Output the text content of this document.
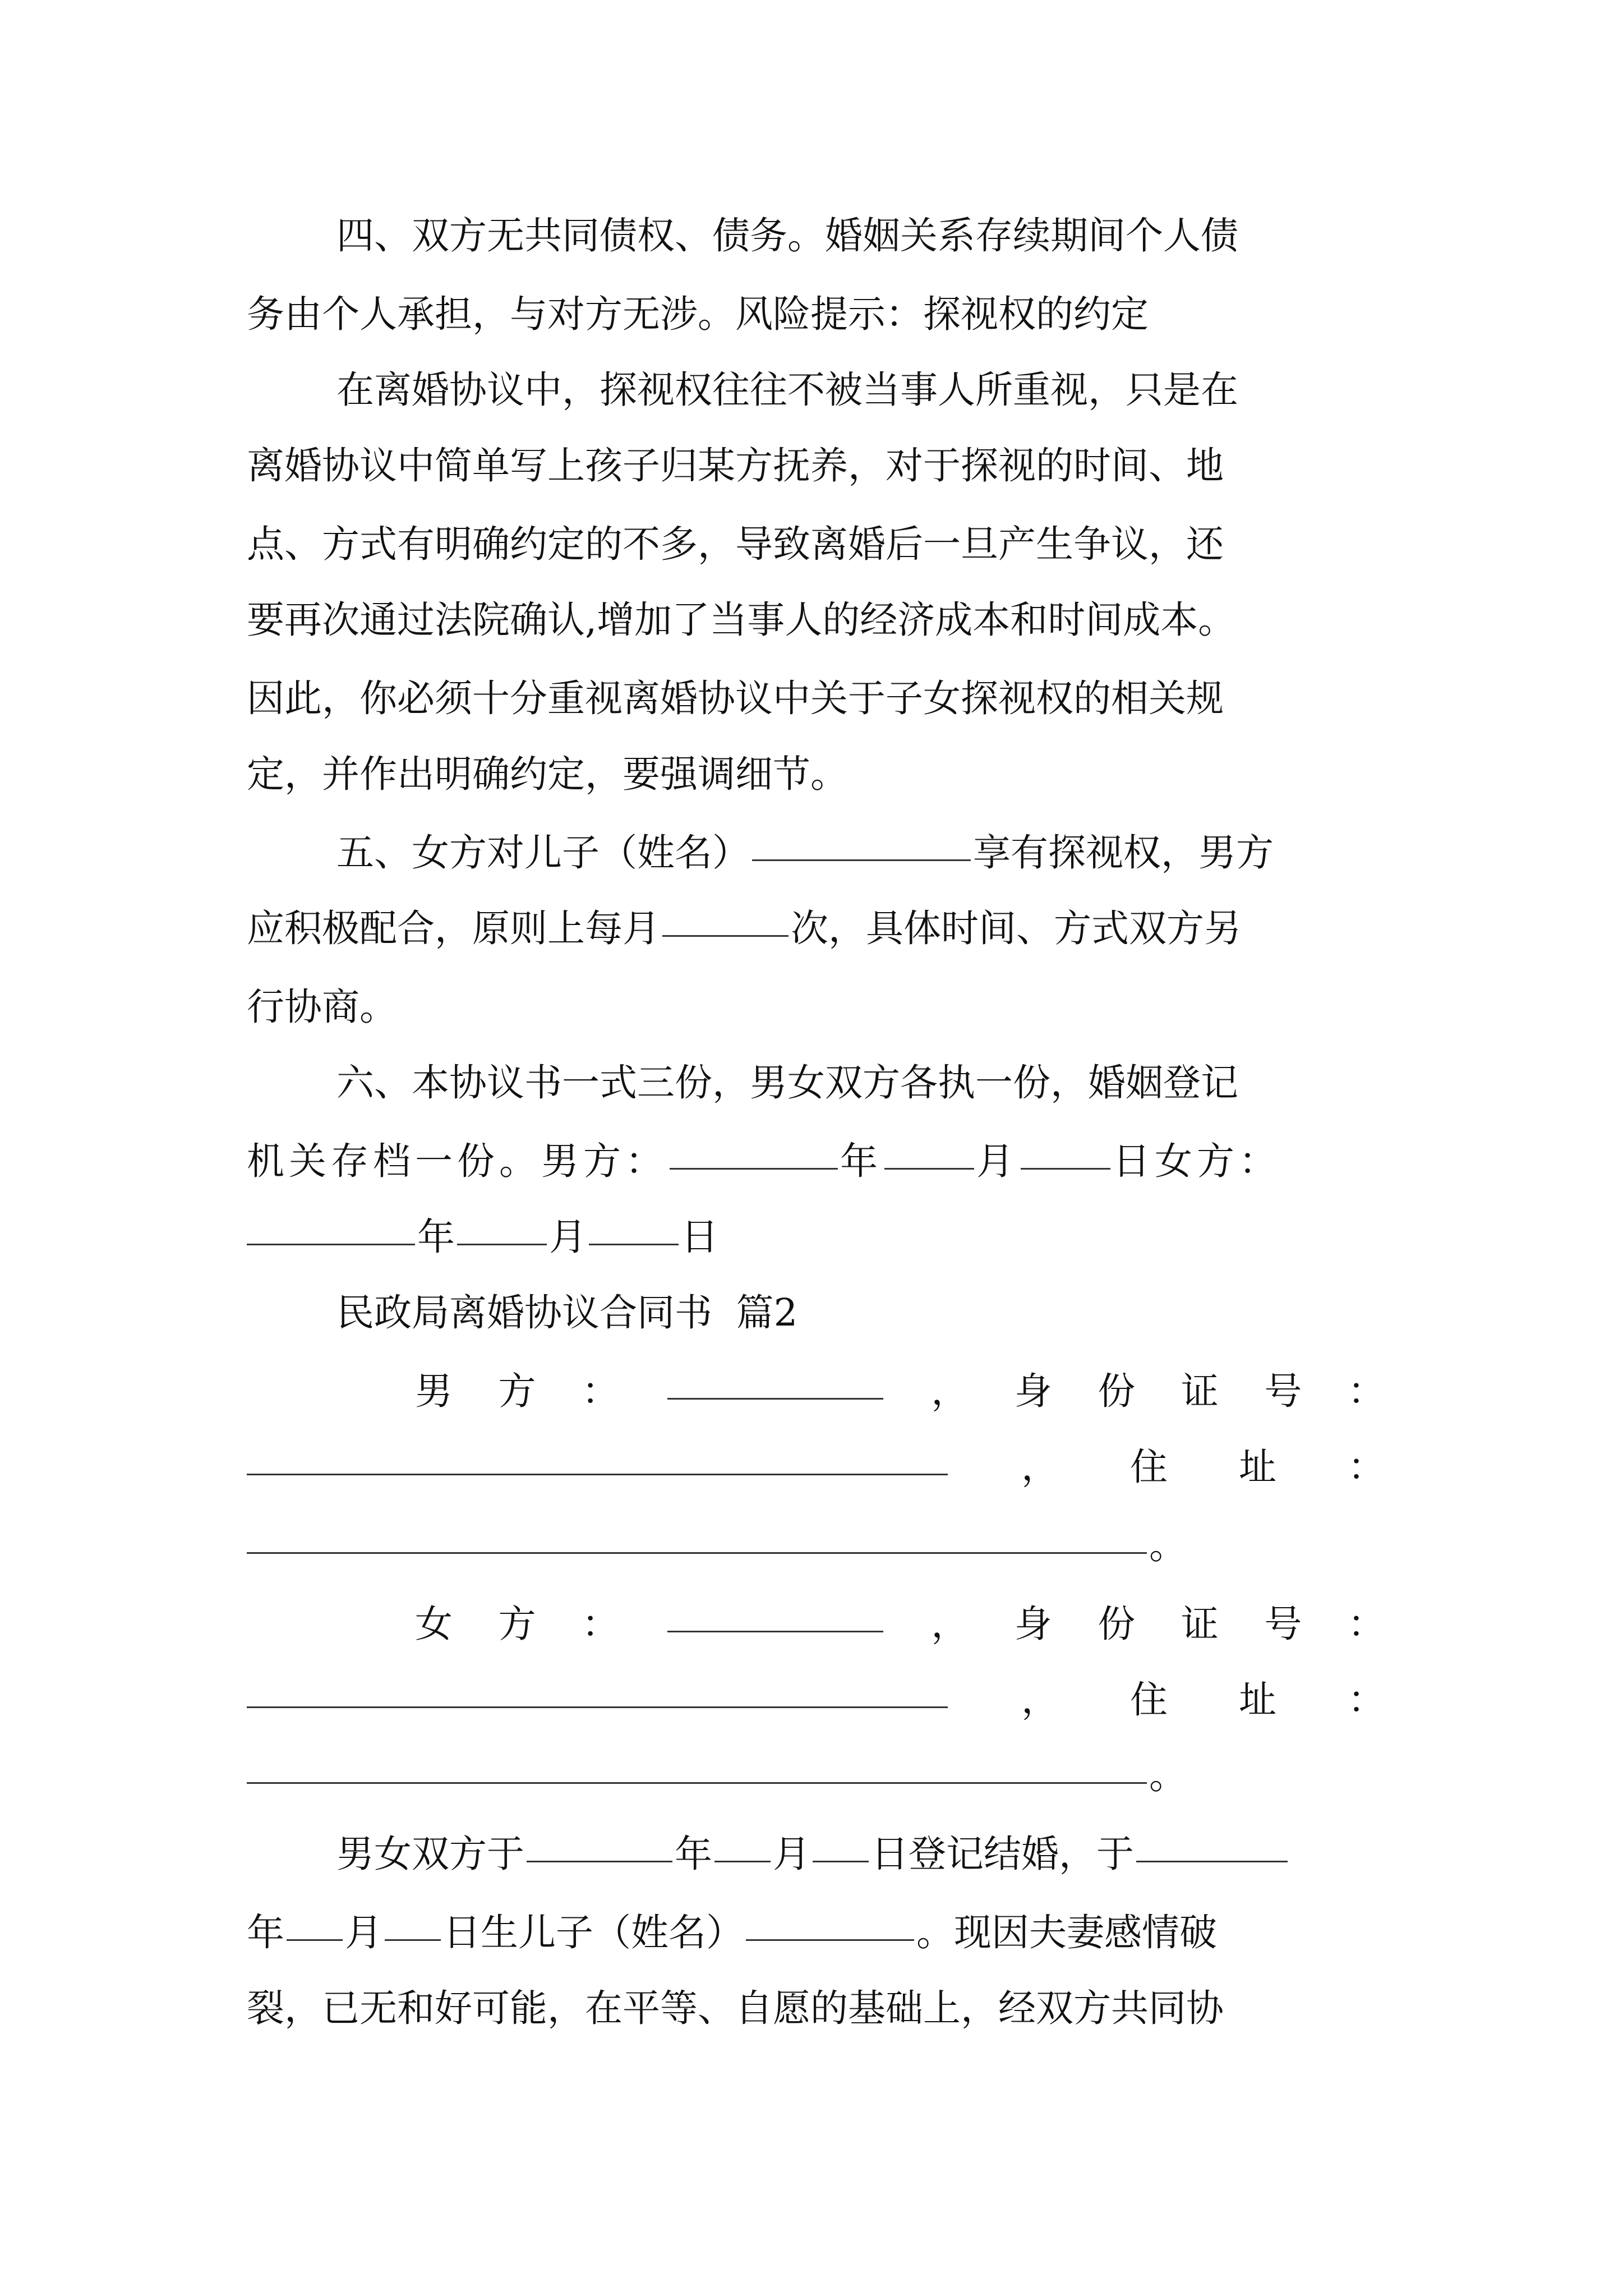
四、双方无共同债权、债务。婚姻关系存续期间个人债
务由个人承担，与对方无涉。风险提示：探视权的约定
在离婚协议中，探视权往往不被当事人所重视，只是在
离婚协议中简单写上孩子归某方抚养，对于探视的时间、地
点、方式有明确约定的不多，导致离婚后一旦产生争议，还
要再次通过法院确认,增加了当事人的经济成本和时间成本。
因此，你必须十分重视离婚协议中关于子女探视权的相关规
定，并作出明确约定，要强调细节。
五、女方对儿子（姓名）	享有探视权，男方
应积极配合，原则上每月	次，具体时间、方式双方另
行协商。
六、本协议书一式三份，男女双方各执一份，婚姻登记
机关存档一份。男方：	年	月	日女方：
年	月	日
民政局离婚协议合同书  篇2
男 方 ：	， 身 份 证 号 ：
， 住 址 ：
。
女 方 ：	， 身 份 证 号 ：
， 住 址 ：
。
男女双方于	年 月 日登记结婚，于
年 月 日生儿子（姓名）	。现因夫妻感情破
裂，已无和好可能，在平等、自愿的基础上，经双方共同协
